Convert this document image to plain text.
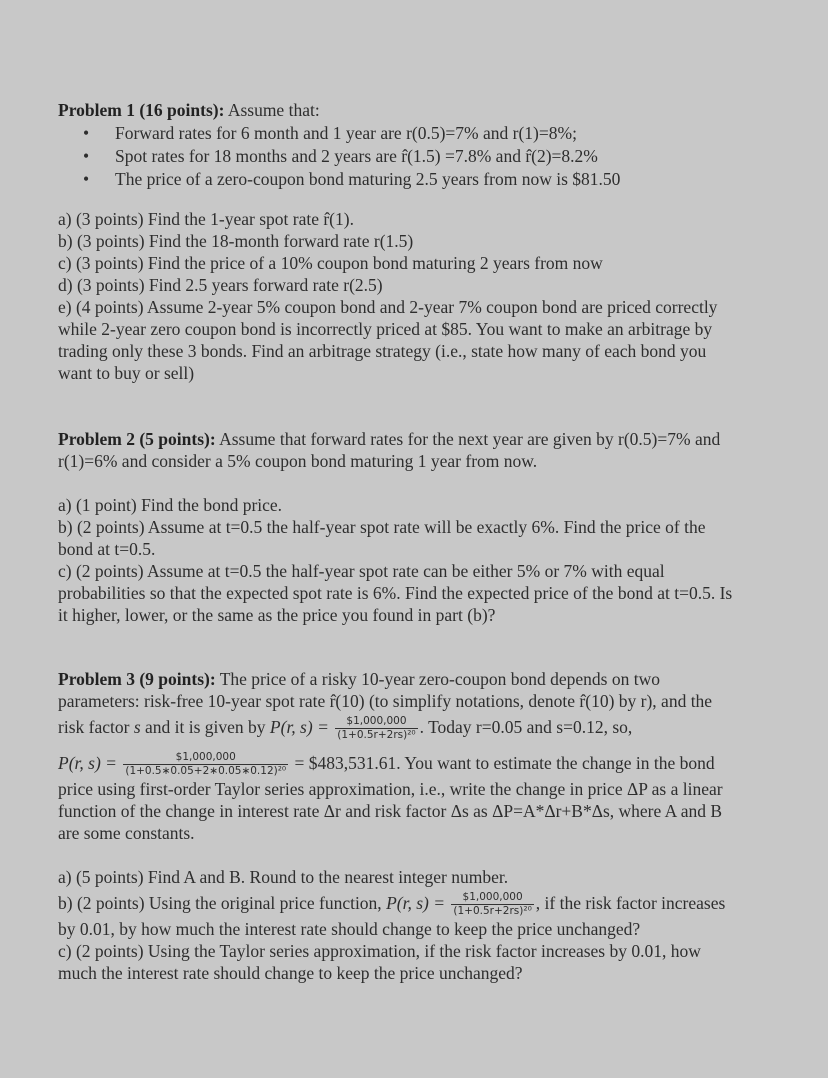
Problem 1 (16 points): Assume that:
• Forward rates for 6 month and 1 year are r(0.5)=7% and r(1)=8%;
• Spot rates for 18 months and 2 years are r̂(1.5) =7.8% and r̂(2)=8.2%
• The price of a zero-coupon bond maturing 2.5 years from now is $81.50
a) (3 points) Find the 1-year spot rate r̂(1).
b) (3 points) Find the 18-month forward rate r(1.5)
c) (3 points) Find the price of a 10% coupon bond maturing 2 years from now
d) (3 points) Find 2.5 years forward rate r(2.5)
e) (4 points) Assume 2-year 5% coupon bond and 2-year 7% coupon bond are priced correctly
while 2-year zero coupon bond is incorrectly priced at $85. You want to make an arbitrage by
trading only these 3 bonds. Find an arbitrage strategy (i.e., state how many of each bond you
want to buy or sell)
Problem 2 (5 points): Assume that forward rates for the next year are given by r(0.5)=7% and
r(1)=6% and consider a 5% coupon bond maturing 1 year from now.
a) (1 point) Find the bond price.
b) (2 points) Assume at t=0.5 the half-year spot rate will be exactly 6%. Find the price of the
bond at t=0.5.
c) (2 points) Assume at t=0.5 the half-year spot rate can be either 5% or 7% with equal
probabilities so that the expected spot rate is 6%. Find the expected price of the bond at t=0.5. Is
it higher, lower, or the same as the price you found in part (b)?
Problem 3 (9 points): The price of a risky 10-year zero-coupon bond depends on two
parameters: risk-free 10-year spot rate r̂(10) (to simplify notations, denote r̂(10) by r), and the
risk factor s and it is given by P(r, $s) = \frac{\$1,000,000}{\text{(1+0.5r+2rs)²⁰}}$ . Today r=0.05 and s=0.12, so,
P(r, $s) = \frac{\$1,000,000}{\text{(1+0.5∗0.05+2∗0.05∗0.12)²⁰}}$ = $483,531.61. You want to estimate the change in the bond
price using first-order Taylor series approximation, i.e., write the change in price ΔP as a linear
function of the change in interest rate Δr and risk factor Δs as ΔP=A*Δr+B*Δs, where A and B
are some constants.
a) (5 points) Find A and B. Round to the nearest integer number.
b) (2 points) Using the original price function, P(r, $s) = \frac{\$1,000,000}{\text{(1+0.5r+2rs)²⁰}}$ , if the risk factor increases
by 0.01, by how much the interest rate should change to keep the price unchanged?
c) (2 points) Using the Taylor series approximation, if the risk factor increases by 0.01, how
much the interest rate should change to keep the price unchanged?
